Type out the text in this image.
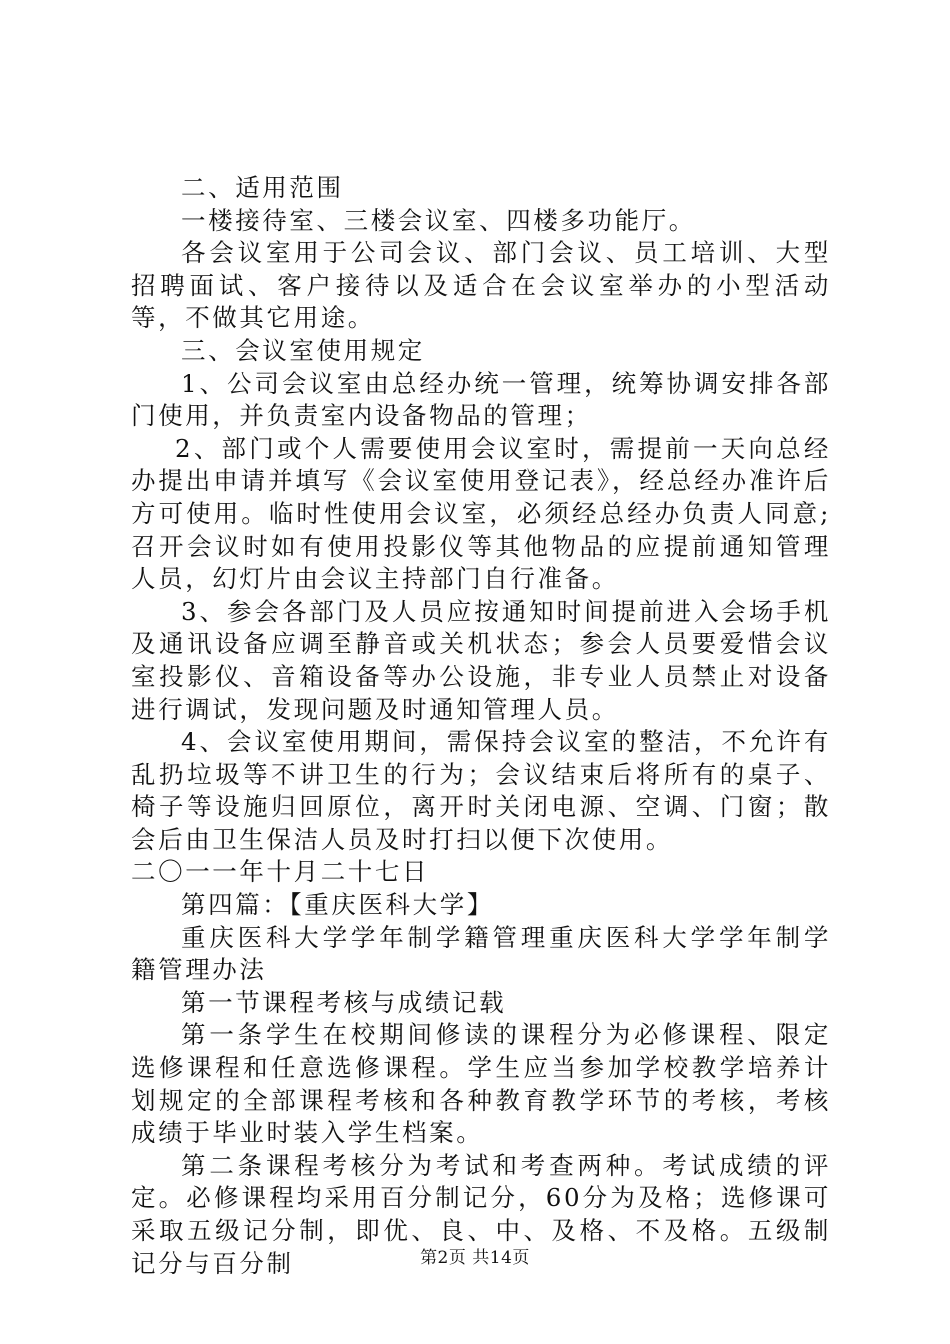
二、适用范围

一楼接待室、三楼会议室、四楼多功能厅。

各会议室用于公司会议、部门会议、员工培训、大型招聘面试、客户接待以及适合在会议室举办的小型活动等，不做其它用途。

三、会议室使用规定

1、公司会议室由总经办统一管理，统筹协调安排各部门使用，并负责室内设备物品的管理；

2、部门或个人需要使用会议室时，需提前一天向总经办提出申请并填写《会议室使用登记表》，经总经办准许后方可使用。临时性使用会议室，必须经总经办负责人同意;召开会议时如有使用投影仪等其他物品的应提前通知管理人员，幻灯片由会议主持部门自行准备。

3、参会各部门及人员应按通知时间提前进入会场手机及通讯设备应调至静音或关机状态；参会人员要爱惜会议室投影仪、音箱设备等办公设施，非专业人员禁止对设备进行调试，发现问题及时通知管理人员。

4、会议室使用期间，需保持会议室的整洁，不允许有乱扔垃圾等不讲卫生的行为；会议结束后将所有的桌子、椅子等设施归回原位，离开时关闭电源、空调、门窗；散会后由卫生保洁人员及时打扫以便下次使用。

二〇一一年十月二十七日

第四篇：【重庆医科大学】

重庆医科大学学年制学籍管理重庆医科大学学年制学籍管理办法

第一节课程考核与成绩记载

第一条学生在校期间修读的课程分为必修课程、限定选修课程和任意选修课程。学生应当参加学校教学培养计划规定的全部课程考核和各种教育教学环节的考核，考核成绩于毕业时装入学生档案。

第二条课程考核分为考试和考查两种。考试成绩的评定。必修课程均采用百分制记分，60分为及格；选修课可采取五级记分制，即优、良、中、及格、不及格。五级制记分与百分制	第2页 共14页
